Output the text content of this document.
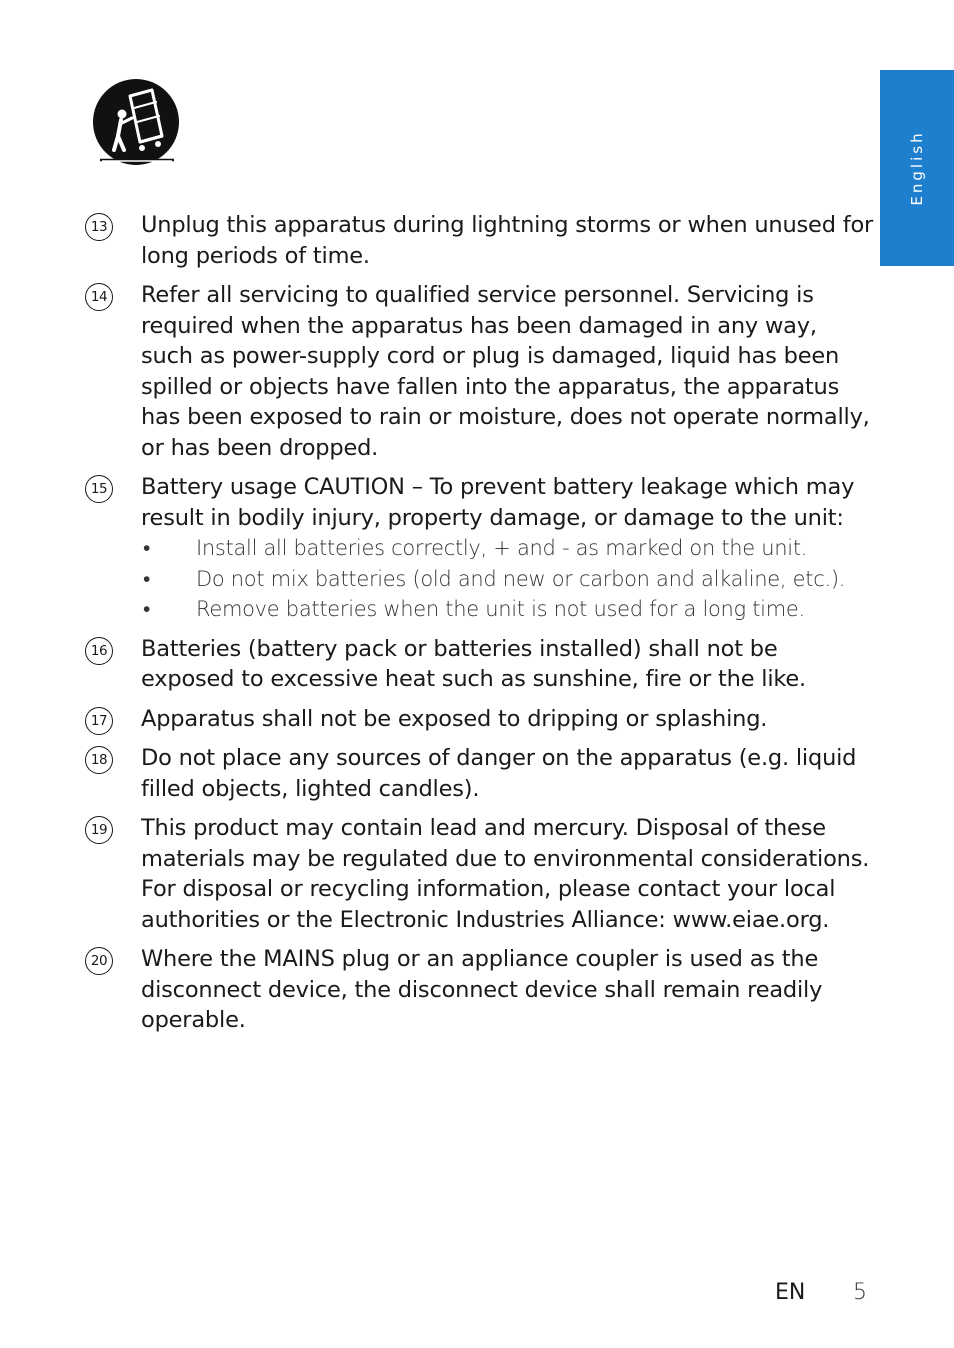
English
13 Unplug this apparatus during lightning storms or when unused for long periods of time.

14 Refer all servicing to qualified service personnel. Servicing is required when the apparatus has been damaged in any way, such as power-supply cord or plug is damaged, liquid has been spilled or objects have fallen into the apparatus, the apparatus has been exposed to rain or moisture, does not operate normally, or has been dropped.

15 Battery usage CAUTION – To prevent battery leakage which may result in bodily injury, property damage, or damage to the unit:

• Install all batteries correctly, + and - as marked on the unit.
• Do not mix batteries (old and new or carbon and alkaline, etc.).
• Remove batteries when the unit is not used for a long time.
16 Batteries (battery pack or batteries installed) shall not be exposed to excessive heat such as sunshine, fire or the like.

17 Apparatus shall not be exposed to dripping or splashing.

18 Do not place any sources of danger on the apparatus (e.g. liquid filled objects, lighted candles).

19 This product may contain lead and mercury. Disposal of these materials may be regulated due to environmental considerations. For disposal or recycling information, please contact your local authorities or the Electronic Industries Alliance: www.eiae.org.

20 Where the MAINS plug or an appliance coupler is used as the disconnect device, the disconnect device shall remain readily operable.

EN 5
